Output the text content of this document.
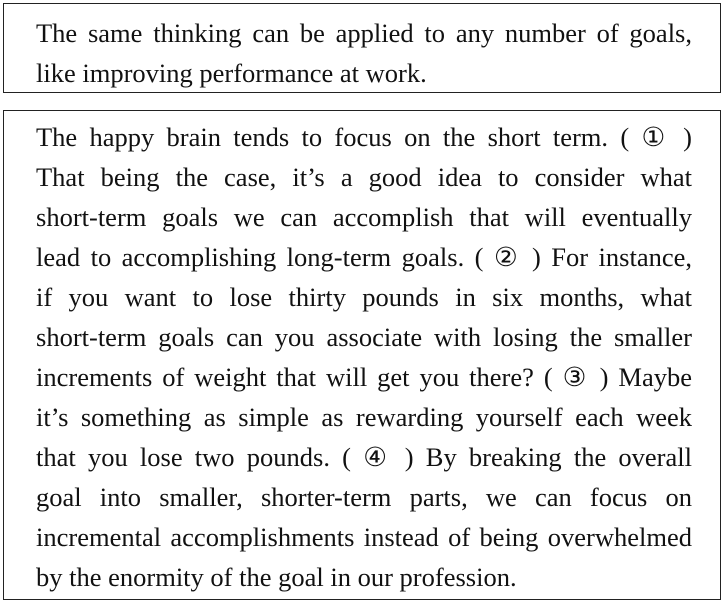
The same thinking can be applied to any number of goals,
like improving performance at work.
The happy brain tends to focus on the short term. ( ① )
That being the case, it’s a good idea to consider what
short-term goals we can accomplish that will eventually
lead to accomplishing long-term goals. ( ② ) For instance,
if you want to lose thirty pounds in six months, what
short-term goals can you associate with losing the smaller
increments of weight that will get you there? ( ③ ) Maybe
it’s something as simple as rewarding yourself each week
that you lose two pounds. ( ④ ) By breaking the overall
goal into smaller, shorter-term parts, we can focus on
incremental accomplishments instead of being overwhelmed
by the enormity of the goal in our profession.
